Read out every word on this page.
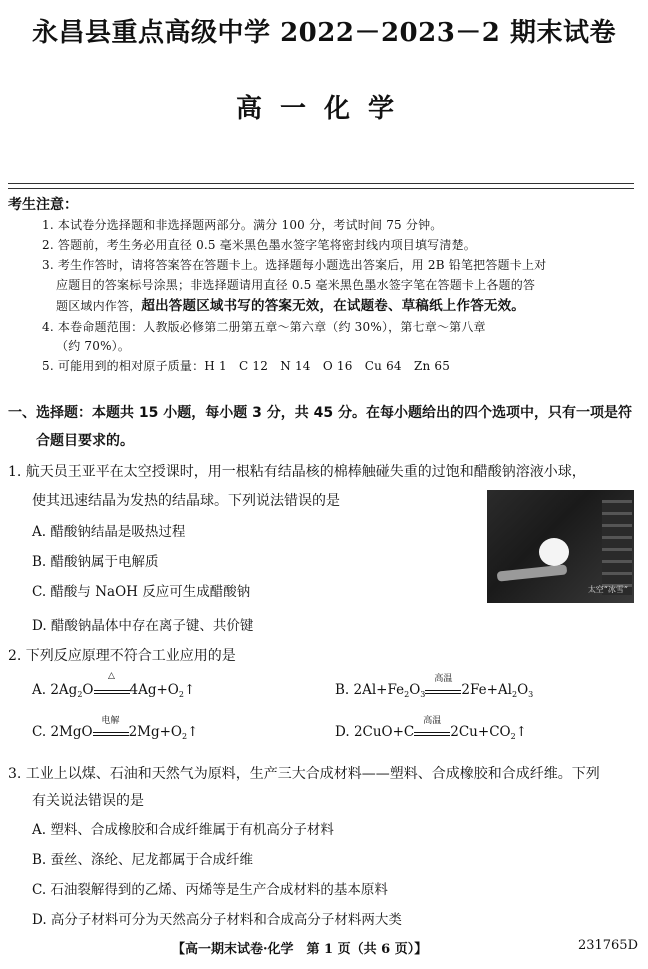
永昌县重点高级中学 2022－2023－2 期末试卷
高一化学
考生注意：
1. 本试卷分选择题和非选择题两部分。满分 100 分，考试时间 75 分钟。
2. 答题前，考生务必用直径 0.5 毫米黑色墨水签字笔将密封线内项目填写清楚。
3. 考生作答时，请将答案答在答题卡上。选择题每小题选出答案后，用 2B 铅笔把答题卡上对
应题目的答案标号涂黑；非选择题请用直径 0.5 毫米黑色墨水签字笔在答题卡上各题的答
题区域内作答，超出答题区域书写的答案无效，在试题卷、草稿纸上作答无效。
4. 本卷命题范围：人教版必修第二册第五章～第六章（约 30%），第七章～第八章
（约 70%）。
5. 可能用到的相对原子质量：H 1　C 12　N 14　O 16　Cu 64　Zn 65
一、选择题：本题共 15 小题，每小题 3 分，共 45 分。在每小题给出的四个选项中，只有一项是符
合题目要求的。
1. 航天员王亚平在太空授课时，用一根粘有结晶核的棉棒触碰失重的过饱和醋酸钠溶液小球，
使其迅速结晶为发热的结晶球。下列说法错误的是
A. 醋酸钠结晶是吸热过程
B. 醋酸钠属于电解质
C. 醋酸与 NaOH 反应可生成醋酸钠
D. 醋酸钠晶体中存在离子键、共价键
太空“冰雪”
2. 下列反应原理不符合工业应用的是
A. $2Ag_2O$
△
$4Ag+O_2↑$	B. $2Al+Fe_2O_3$
高温
$2Fe+Al_2O_3$
C. 2MgO
电解
$2Mg+O_2↑$	D. 2CuO+C
高温
$2Cu+CO_2↑$
3. 工业上以煤、石油和天然气为原料，生产三大合成材料——塑料、合成橡胶和合成纤维。下列
有关说法错误的是
A. 塑料、合成橡胶和合成纤维属于有机高分子材料
B. 蚕丝、涤纶、尼龙都属于合成纤维
C. 石油裂解得到的乙烯、丙烯等是生产合成材料的基本原料
D. 高分子材料可分为天然高分子材料和合成高分子材料两大类
【高一期末试卷·化学　第 1 页（共 6 页）】	231765D
